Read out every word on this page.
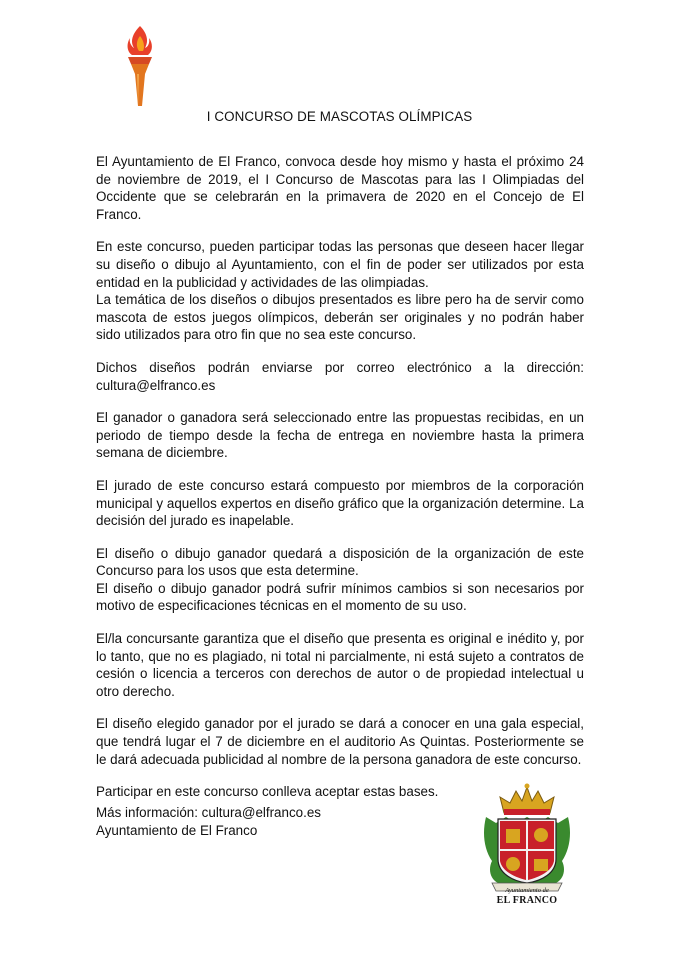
I CONCURSO DE MASCOTAS OLÍMPICAS

El Ayuntamiento de El Franco, convoca desde hoy mismo y hasta el próximo 24 de noviembre de 2019, el I Concurso de Mascotas para las I Olimpiadas del Occidente que se celebrarán en la primavera de 2020 en el Concejo de El Franco.

En este concurso, pueden participar todas las personas que deseen hacer llegar su diseño o dibujo al Ayuntamiento, con el fin de poder ser utilizados por esta entidad en la publicidad y actividades de las olimpiadas.

La temática de los diseños o dibujos presentados es libre pero ha de servir como mascota de estos juegos olímpicos, deberán ser originales y no podrán haber sido utilizados para otro fin que no sea este concurso.

Dichos diseños podrán enviarse por correo electrónico a la dirección: cultura@elfranco.es

El ganador o ganadora será seleccionado entre las propuestas recibidas, en un periodo de tiempo desde la fecha de entrega en noviembre hasta la primera semana de diciembre.

El jurado de este concurso estará compuesto por miembros de la corporación municipal y aquellos expertos en diseño gráfico que la organización determine. La decisión del jurado es inapelable.

El diseño o dibujo ganador quedará a disposición de la organización de este Concurso para los usos que esta determine.

El diseño o dibujo ganador podrá sufrir mínimos cambios si son necesarios por motivo de especificaciones técnicas en el momento de su uso.

El/la concursante garantiza que el diseño que presenta es original e inédito y, por lo tanto, que no es plagiado, ni total ni parcialmente, ni está sujeto a contratos de cesión o licencia a terceros con derechos de autor o de propiedad intelectual u otro derecho.

El diseño elegido ganador por el jurado se dará a conocer en una gala especial, que tendrá lugar el 7 de diciembre en el auditorio As Quintas. Posteriormente se le dará adecuada publicidad al nombre de la persona ganadora de este concurso.

Participar en este concurso conlleva aceptar estas bases.

Más información: cultura@elfranco.es
Ayuntamiento de El Franco
Ayuntamiento de
EL FRANCO
